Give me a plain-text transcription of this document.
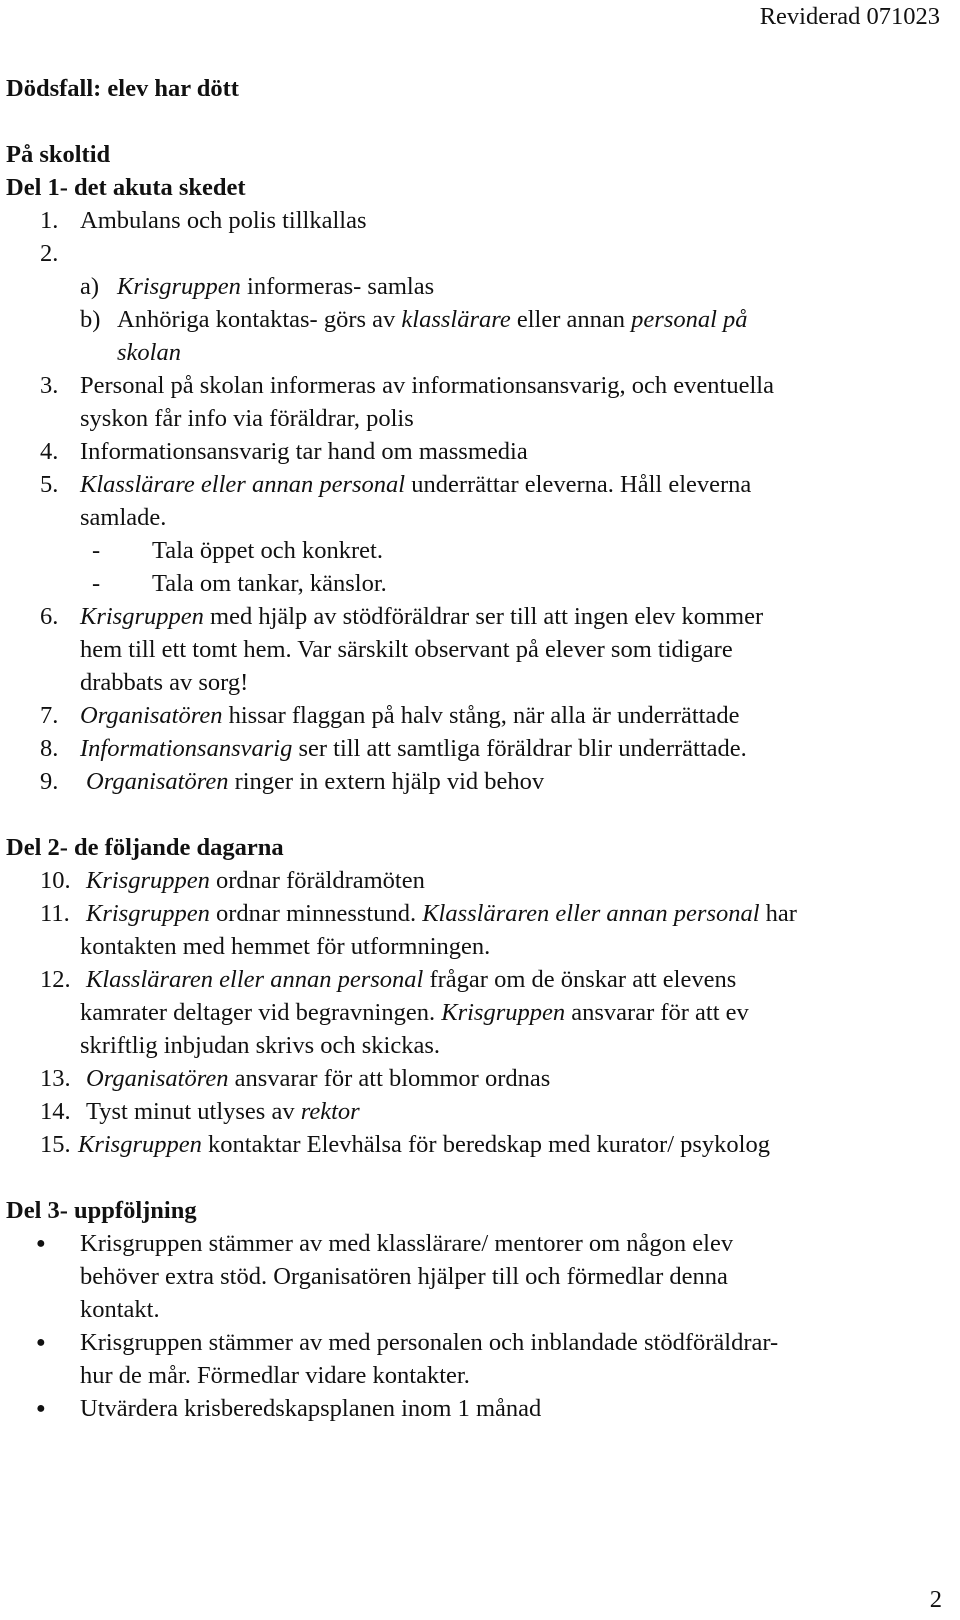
Reviderad 071023
Dödsfall: elev har dött
På skoltid
Del 1- det akuta skedet
1. Ambulans och polis tillkallas
2.
a) Krisgruppen informeras- samlas
b) Anhöriga kontaktas- görs av klasslärare eller annan personal på
skolan
3. Personal på skolan informeras av informationsansvarig, och eventuella
syskon får info via föräldrar, polis
4. Informationsansvarig tar hand om massmedia
5. Klasslärare eller annan personal underrättar eleverna. Håll eleverna
samlade.
- Tala öppet och konkret.
- Tala om tankar, känslor.
6. Krisgruppen med hjälp av stödföräldrar ser till att ingen elev kommer
hem till ett tomt hem. Var särskilt observant på elever som tidigare
drabbats av sorg!
7. Organisatören hissar flaggan på halv stång, när alla är underrättade
8. Informationsansvarig ser till att samtliga föräldrar blir underrättade.
9. Organisatören ringer in extern hjälp vid behov
Del 2- de följande dagarna
10. Krisgruppen ordnar föräldramöten
11. Krisgruppen ordnar minnesstund. Klassläraren eller annan personal har
kontakten med hemmet för utformningen.
12. Klassläraren eller annan personal frågar om de önskar att elevens
kamrater deltager vid begravningen. Krisgruppen ansvarar för att ev
skriftlig inbjudan skrivs och skickas.
13. Organisatören ansvarar för att blommor ordnas
14. Tyst minut utlyses av rektor
15. Krisgruppen kontaktar Elevhälsa för beredskap med kurator/ psykolog
Del 3- uppföljning
● Krisgruppen stämmer av med klasslärare/ mentorer om någon elev
behöver extra stöd. Organisatören hjälper till och förmedlar denna
kontakt.
● Krisgruppen stämmer av med personalen och inblandade stödföräldrar-
hur de mår. Förmedlar vidare kontakter.
● Utvärdera krisberedskapsplanen inom 1 månad
2
